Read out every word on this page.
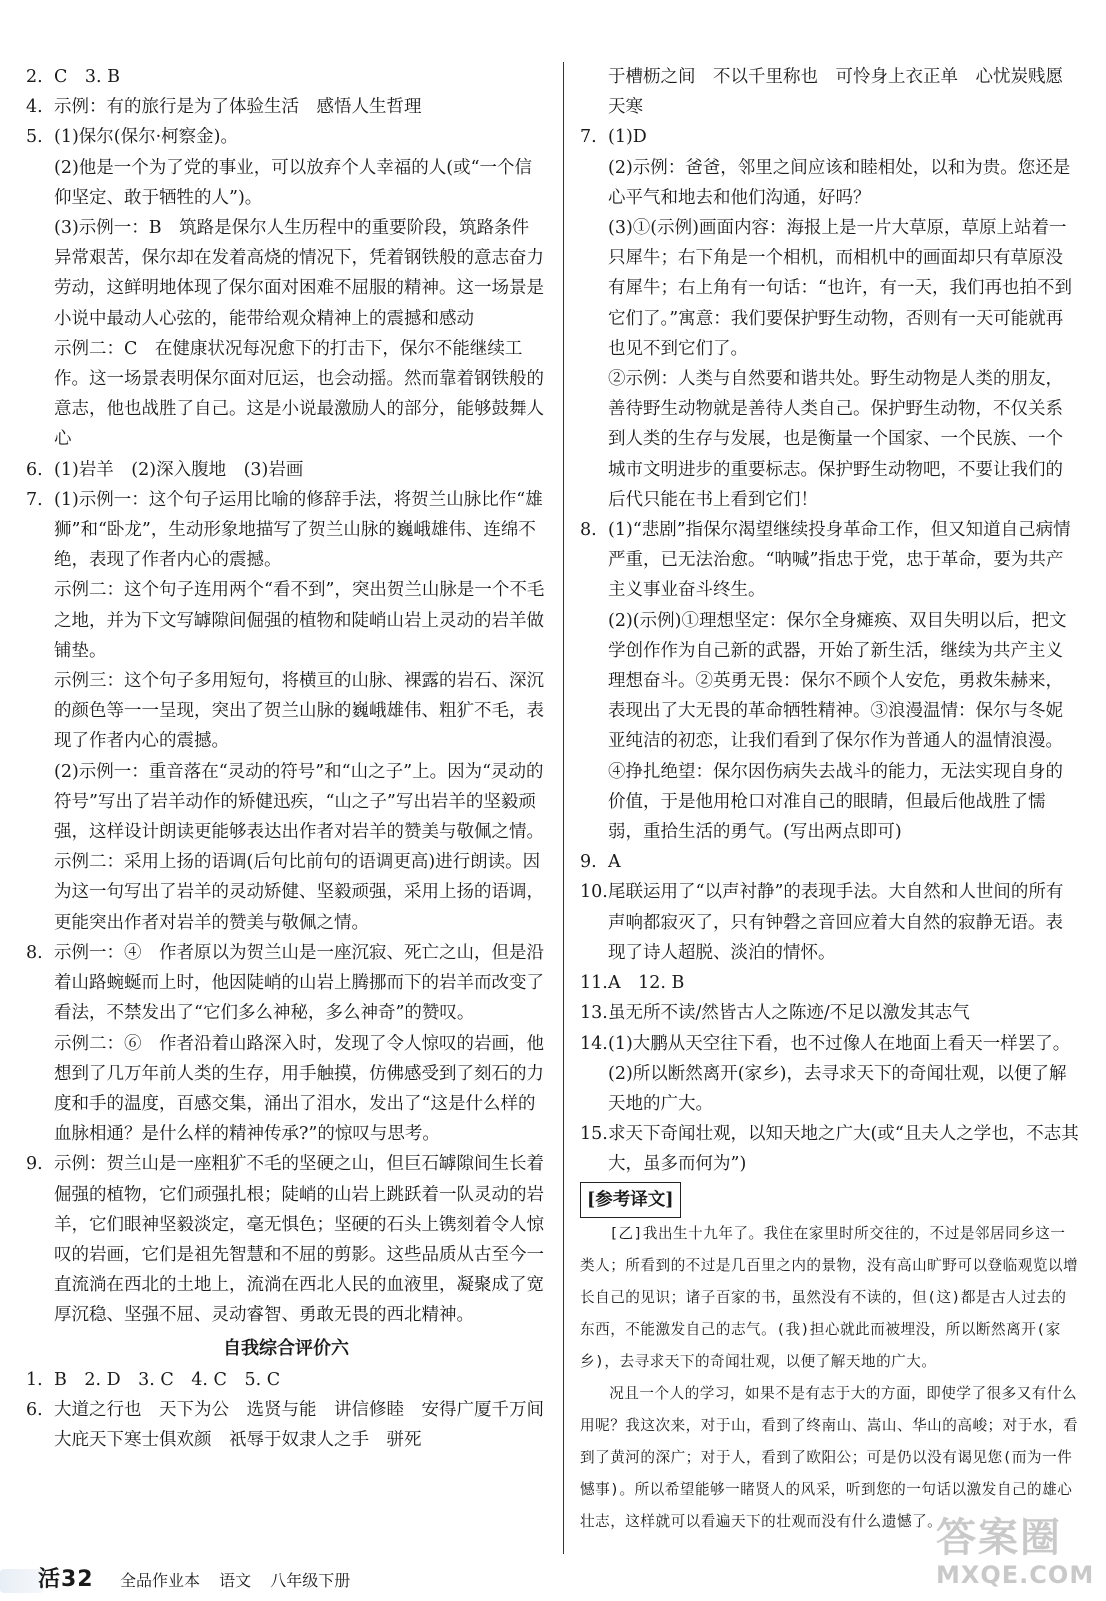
2. C　3. B
4. 示例：有的旅行是为了体验生活　感悟人生哲理
5. (1)保尔(保尔·柯察金)。
(2)他是一个为了党的事业，可以放弃个人幸福的人(或“一个信仰坚定、敢于牺牲的人”)。
(3)示例一：B　筑路是保尔人生历程中的重要阶段，筑路条件异常艰苦，保尔却在发着高烧的情况下，凭着钢铁般的意志奋力劳动，这鲜明地体现了保尔面对困难不屈服的精神。这一场景是小说中最动人心弦的，能带给观众精神上的震撼和感动
示例二：C　在健康状况每况愈下的打击下，保尔不能继续工作。这一场景表明保尔面对厄运，也会动摇。然而靠着钢铁般的意志，他也战胜了自己。这是小说最激励人的部分，能够鼓舞人心
6. (1)岩羊　(2)深入腹地　(3)岩画
7. (1)示例一：这个句子运用比喻的修辞手法，将贺兰山脉比作“雄狮”和“卧龙”，生动形象地描写了贺兰山脉的巍峨雄伟、连绵不绝，表现了作者内心的震撼。
示例二：这个句子连用两个“看不到”，突出贺兰山脉是一个不毛之地，并为下文写罅隙间倔强的植物和陡峭山岩上灵动的岩羊做铺垫。
示例三：这个句子多用短句，将横亘的山脉、裸露的岩石、深沉的颜色等一一呈现，突出了贺兰山脉的巍峨雄伟、粗犷不毛，表现了作者内心的震撼。
(2)示例一：重音落在“灵动的符号”和“山之子”上。因为“灵动的符号”写出了岩羊动作的矫健迅疾，“山之子”写出岩羊的坚毅顽强，这样设计朗读更能够表达出作者对岩羊的赞美与敬佩之情。
示例二：采用上扬的语调(后句比前句的语调更高)进行朗读。因为这一句写出了岩羊的灵动矫健、坚毅顽强，采用上扬的语调，更能突出作者对岩羊的赞美与敬佩之情。
8. 示例一：④　作者原以为贺兰山是一座沉寂、死亡之山，但是沿着山路蜿蜒而上时，他因陡峭的山岩上腾挪而下的岩羊而改变了看法，不禁发出了“它们多么神秘，多么神奇”的赞叹。
示例二：⑥　作者沿着山路深入时，发现了令人惊叹的岩画，他想到了几万年前人类的生存，用手触摸，仿佛感受到了刻石的力度和手的温度，百感交集，涌出了泪水，发出了“这是什么样的血脉相通？是什么样的精神传承?”的惊叹与思考。
9. 示例：贺兰山是一座粗犷不毛的坚硬之山，但巨石罅隙间生长着倔强的植物，它们顽强扎根；陡峭的山岩上跳跃着一队灵动的岩羊，它们眼神坚毅淡定，毫无惧色；坚硬的石头上镌刻着令人惊叹的岩画，它们是祖先智慧和不屈的剪影。这些品质从古至今一直流淌在西北的土地上，流淌在西北人民的血液里，凝聚成了宽厚沉稳、坚强不屈、灵动睿智、勇敢无畏的西北精神。
自我综合评价六
1. B　2. D　3. C　4. C　5. C
6. 大道之行也　天下为公　选贤与能　讲信修睦　安得广厦千万间　大庇天下寒士俱欢颜　祇辱于奴隶人之手　骈死
于槽枥之间　不以千里称也　可怜身上衣正单　心忧炭贱愿天寒
7. (1)D
(2)示例：爸爸，邻里之间应该和睦相处，以和为贵。您还是心平气和地去和他们沟通，好吗？
(3)①(示例)画面内容：海报上是一片大草原，草原上站着一只犀牛；右下角是一个相机，而相机中的画面却只有草原没有犀牛；右上角有一句话：“也许，有一天，我们再也拍不到它们了。”寓意：我们要保护野生动物，否则有一天可能就再也见不到它们了。
②示例：人类与自然要和谐共处。野生动物是人类的朋友，善待野生动物就是善待人类自己。保护野生动物，不仅关系到人类的生存与发展，也是衡量一个国家、一个民族、一个城市文明进步的重要标志。保护野生动物吧，不要让我们的后代只能在书上看到它们！
8. (1)“悲剧”指保尔渴望继续投身革命工作，但又知道自己病情严重，已无法治愈。“呐喊”指忠于党，忠于革命，要为共产主义事业奋斗终生。
(2)(示例)①理想坚定：保尔全身瘫痪、双目失明以后，把文学创作作为自己新的武器，开始了新生活，继续为共产主义理想奋斗。②英勇无畏：保尔不顾个人安危，勇救朱赫来，表现出了大无畏的革命牺牲精神。③浪漫温情：保尔与冬妮亚纯洁的初恋，让我们看到了保尔作为普通人的温情浪漫。④挣扎绝望：保尔因伤病失去战斗的能力，无法实现自身的价值，于是他用枪口对准自己的眼睛，但最后他战胜了懦弱，重拾生活的勇气。(写出两点即可)
9. A
10. 尾联运用了“以声衬静”的表现手法。大自然和人世间的所有声响都寂灭了，只有钟磬之音回应着大自然的寂静无语。表现了诗人超脱、淡泊的情怀。
11. A　12. B
13. 虽无所不读/然皆古人之陈迹/不足以激发其志气
14. (1)大鹏从天空往下看，也不过像人在地面上看天一样罢了。
(2)所以断然离开(家乡)，去寻求天下的奇闻壮观，以便了解天地的广大。
15. 求天下奇闻壮观，以知天地之广大(或“且夫人之学也，不志其大，虽多而何为”)
[参考译文]

[乙]我出生十九年了。我住在家里时所交往的，不过是邻居同乡这一类人；所看到的不过是几百里之内的景物，没有高山旷野可以登临观览以增长自己的见识；诸子百家的书，虽然没有不读的，但(这)都是古人过去的东西，不能激发自己的志气。(我)担心就此而被埋没，所以断然离开(家乡)，去寻求天下的奇闻壮观，以便了解天地的广大。

况且一个人的学习，如果不是有志于大的方面，即使学了很多又有什么用呢？我这次来，对于山，看到了终南山、嵩山、华山的高峻；对于水，看到了黄河的深广；对于人，看到了欧阳公；可是仍以没有谒见您(而为一件憾事)。所以希望能够一睹贤人的风采，听到您的一句话以激发自己的雄心壮志，这样就可以看遍天下的壮观而没有什么遗憾了。

活32 全品作业本 语文 八年级下册
答案圈
MXQE.COM
